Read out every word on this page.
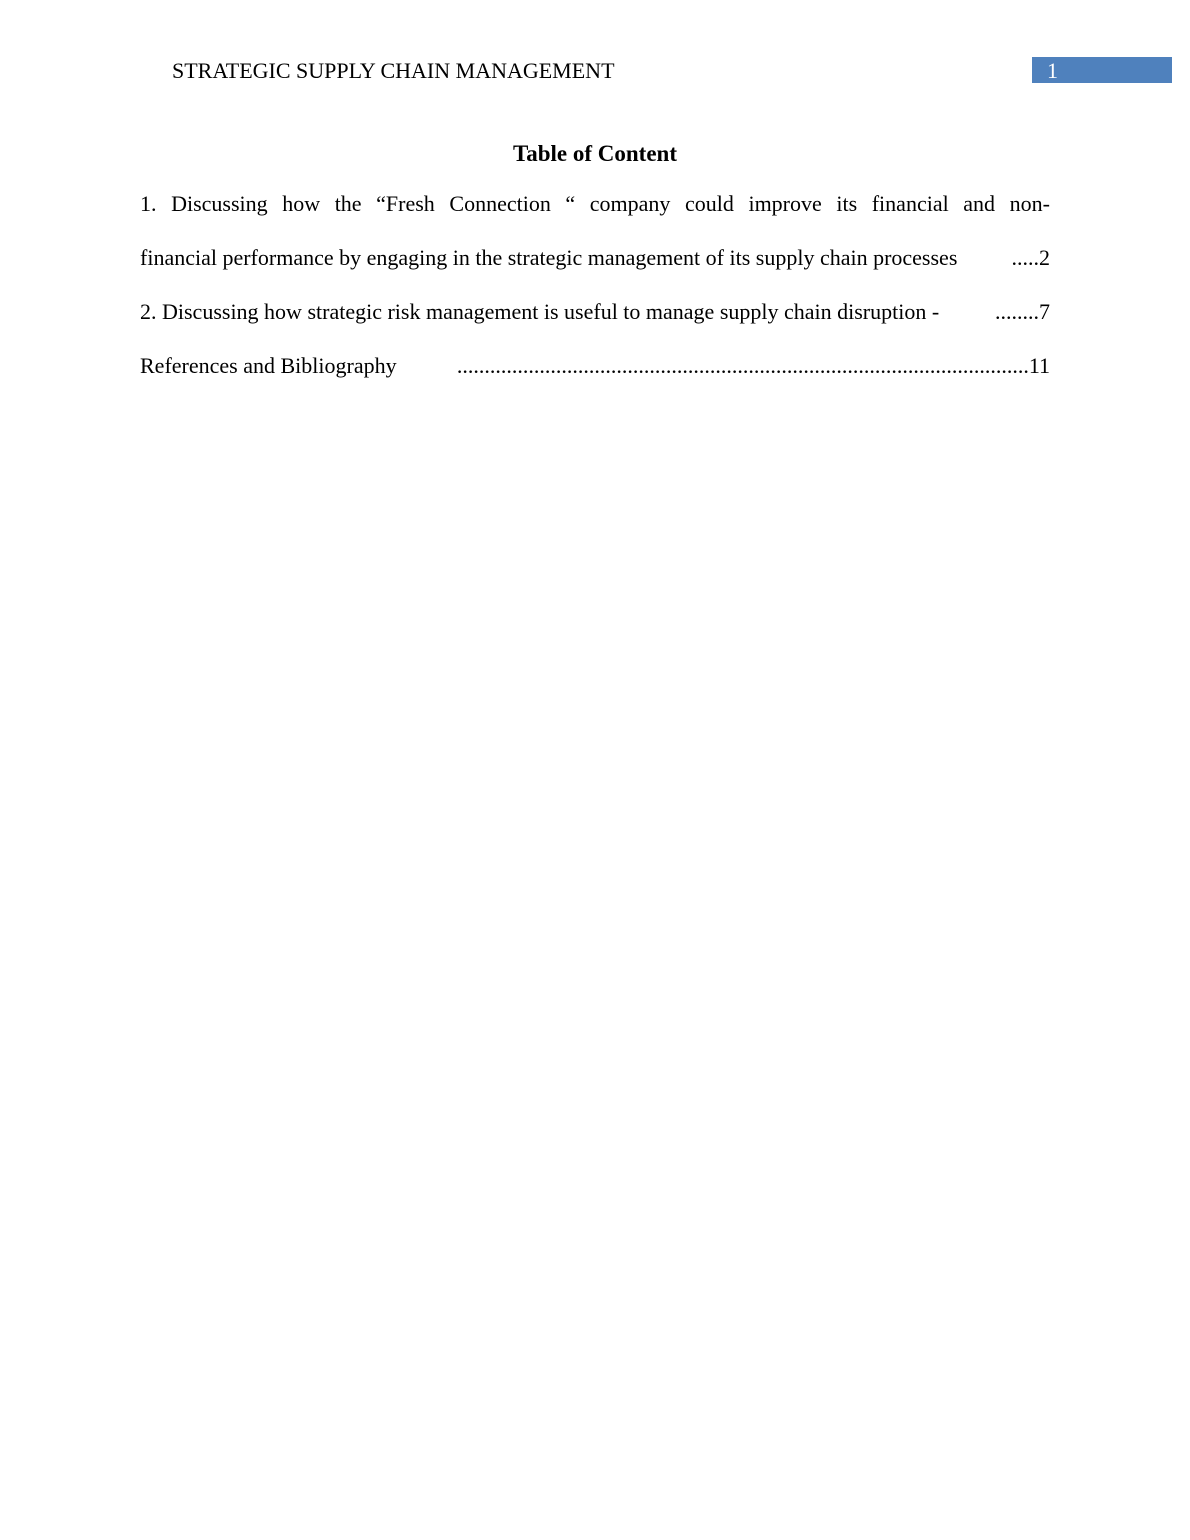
STRATEGIC SUPPLY CHAIN MANAGEMENT	1
Table of Content
1. Discussing how the “Fresh Connection “ company could improve its financial and non-
financial performance by engaging in the strategic management of its supply chain processes .....2
2. Discussing how strategic risk management is useful to manage supply chain disruption -	........7
References and Bibliography	........................................................................................................11
